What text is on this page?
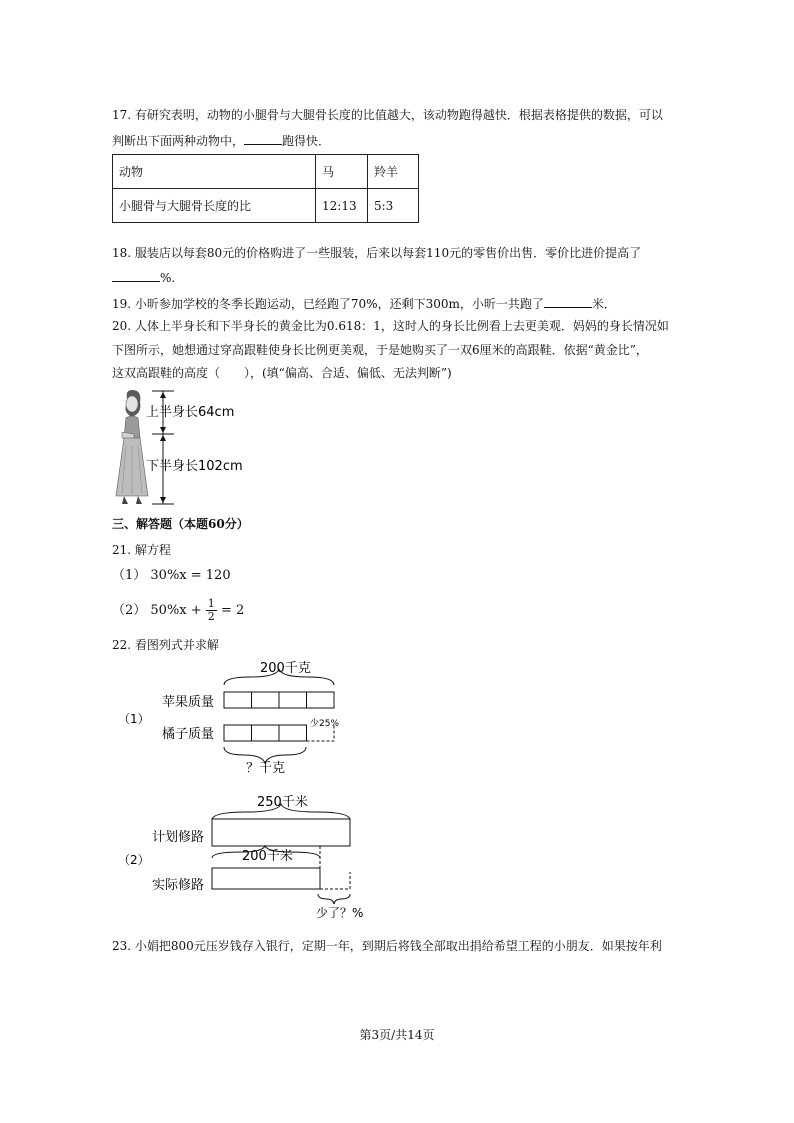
17. 有研究表明，动物的小腿骨与大腿骨长度的比值越大，该动物跑得越快．根据表格提供的数据，可以
判断出下面两种动物中，	跑得快．
动物	马	羚羊
小腿骨与大腿骨长度的比	12:13	5:3
18. 服装店以每套80元的价格购进了一些服装，后来以每套110元的零售价出售．零价比进价提高了
%.
19. 小昕参加学校的冬季长跑运动，已经跑了70%，还剩下300m，小昕一共跑了	米．
20. 人体上半身长和下半身长的黄金比为0.618：1，这时人的身长比例看上去更美观．妈妈的身长情况如
下图所示，她想通过穿高跟鞋使身长比例更美观，于是她购买了一双6厘米的高跟鞋．依据“黄金比”，
这双高跟鞋的高度（　　），(填“偏高、合适、偏低、无法判断”)
上半身长64cm
下半身长102cm
三、解答题（本题60分）
21. 解方程
（1） 30%x = 120
（2） $50\%x + \frac{1}{2} = 2$
22. 看图列式并求解
（1）
200千克
苹果质量
橘子质量
少25%
？千克
（2）
250千米
计划修路
200千米
实际修路
少了？%
23. 小娟把800元压岁钱存入银行，定期一年，到期后将钱全部取出捐给希望工程的小朋友．如果按年利
第3页/共14页
